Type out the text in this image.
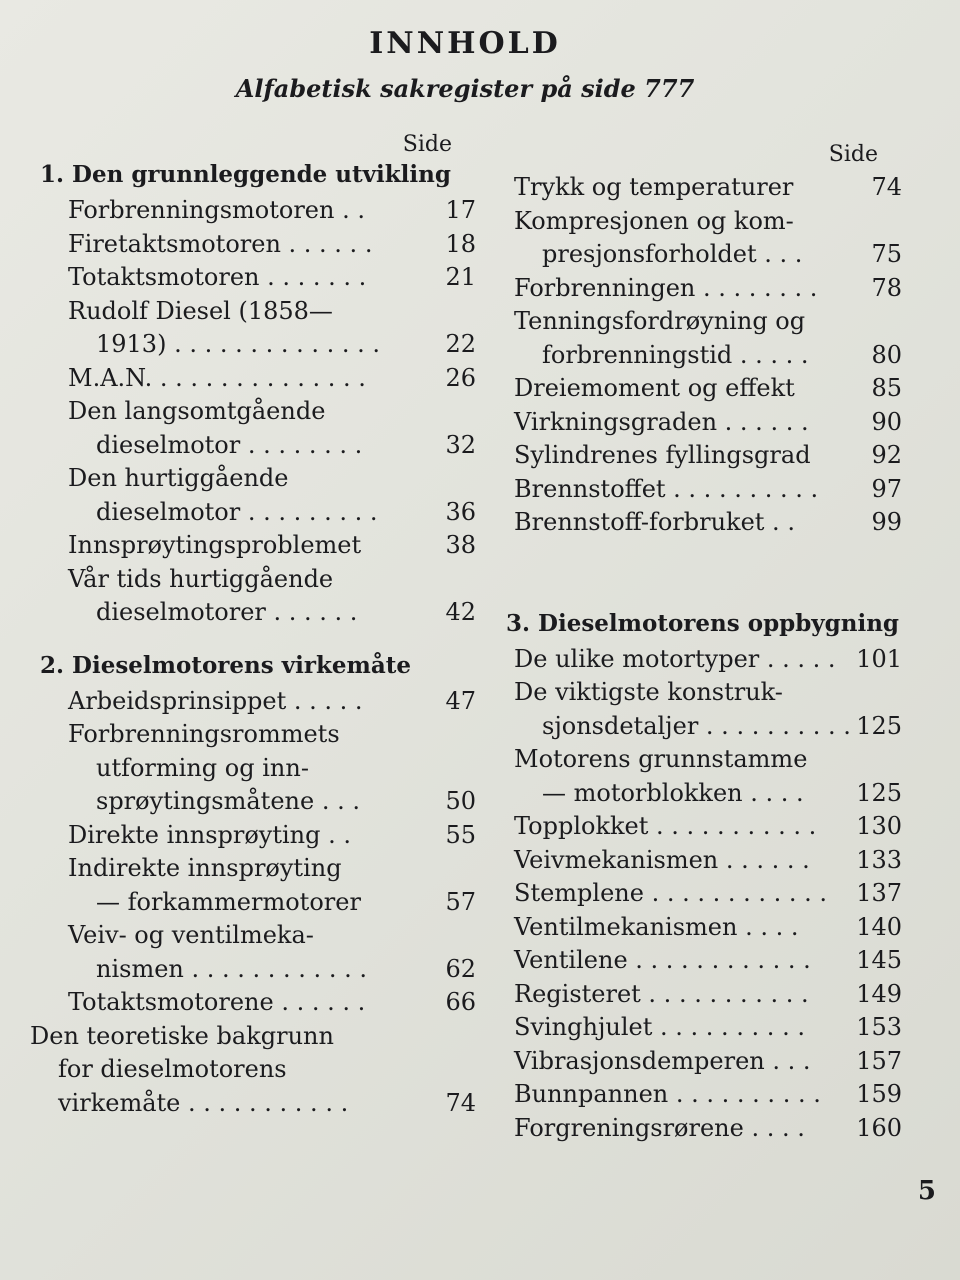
INNHOLD
Alfabetisk sakregister på side 777
Side
1. Den grunnleggende utvikling
Forbrenningsmotoren . .	17
Firetaktsmotoren . . . . . .	18
Totaktsmotoren . . . . . . .	21
Rudolf Diesel (1858—
1913) . . . . . . . . . . . . . .	22
M.A.N. . . . . . . . . . . . . . .	26
Den langsomtgående
dieselmotor . . . . . . . .	32
Den hurtiggående
dieselmotor . . . . . . . . .	36
Innsprøytingsproblemet	38
Vår tids hurtiggående
dieselmotorer . . . . . .	42
2. Dieselmotorens virkemåte
Arbeidsprinsippet . . . . .	47
Forbrenningsrommets
utforming og inn-
sprøytingsmåtene . . .	50
Direkte innsprøyting . .	55
Indirekte innsprøyting
— forkammermotorer	57
Veiv- og ventilmeka-
nismen . . . . . . . . . . . .	62
Totaktsmotorene . . . . . .	66
Den teoretiske bakgrunn
for dieselmotorens
virkemåte . . . . . . . . . . .	74
Side
Trykk og temperaturer	74
Kompresjonen og kom-
presjonsforholdet . . .	75
Forbrenningen . . . . . . . .	78
Tenningsfordrøyning og
forbrenningstid . . . . .	80
Dreiemoment og effekt	85
Virkningsgraden . . . . . .	90
Sylindrenes fyllingsgrad	92
Brennstoffet . . . . . . . . . .	97
Brennstoff-forbruket . .	99
3. Dieselmotorens oppbygning
De ulike motortyper . . . . . 101
De viktigste konstruk-
sjonsdetaljer . . . . . . . . . . 125
Motorens grunnstamme
— motorblokken . . . .	125
Topplokket . . . . . . . . . . .	130
Veivmekanismen . . . . . .	133
Stemplene . . . . . . . . . . . .	137
Ventilmekanismen . . . .	140
Ventilene . . . . . . . . . . . .	145
Registeret . . . . . . . . . . .	149
Svinghjulet . . . . . . . . . .	153
Vibrasjonsdemperen . . .	157
Bunnpannen . . . . . . . . . .	159
Forgreningsrørene . . . .	160
5
